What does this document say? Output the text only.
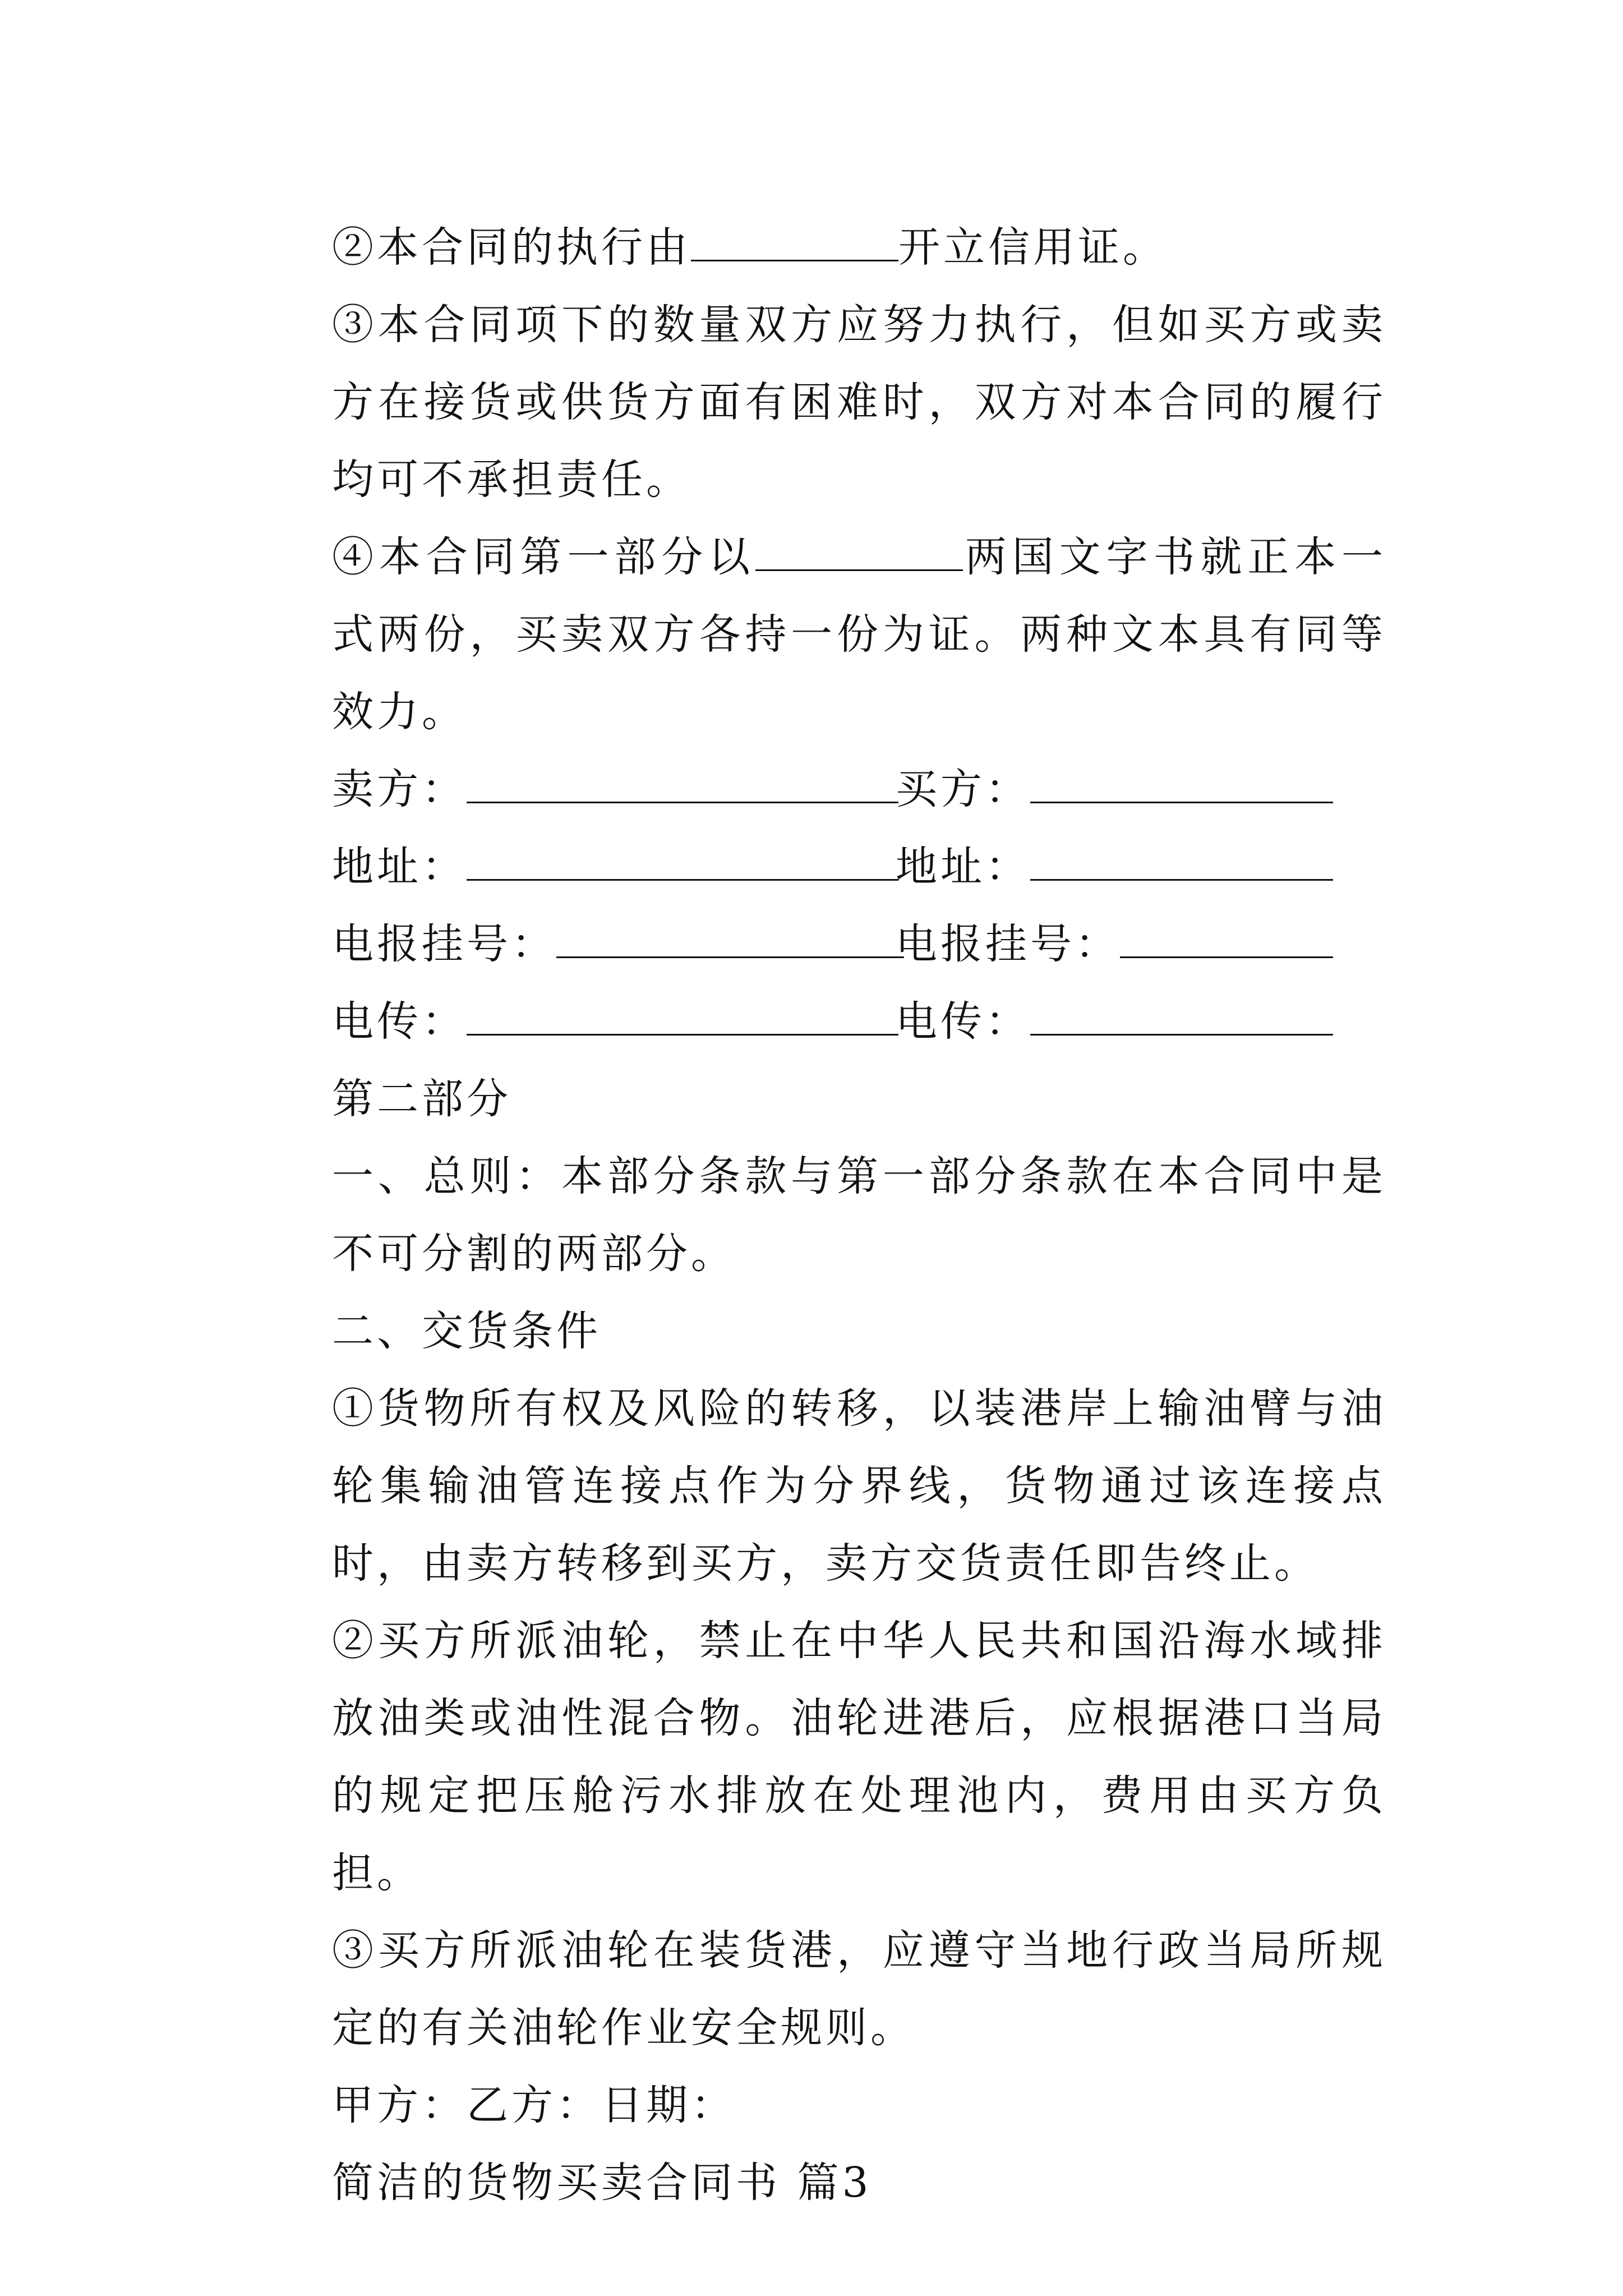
②本合同的执行由	开立信用证。

③本合同项下的数量双方应努力执行，但如买方或卖方在接货或供货方面有困难时，双方对本合同的履行均可不承担责任。

④本合同第一部分以	两国文字书就正本一式两份，买卖双方各持一份为证。两种文本具有同等效力。

卖方：	买方：
地址：	地址：
电报挂号：	电报挂号：
电传：	电传：

第二部分

一、总则：本部分条款与第一部分条款在本合同中是不可分割的两部分。

二、交货条件

①货物所有权及风险的转移，以装港岸上输油臂与油轮集输油管连接点作为分界线，货物通过该连接点时，由卖方转移到买方，卖方交货责任即告终止。

②买方所派油轮，禁止在中华人民共和国沿海水域排放油类或油性混合物。油轮进港后，应根据港口当局的规定把压舱污水排放在处理池内，费用由买方负担。

③买方所派油轮在装货港，应遵守当地行政当局所规定的有关油轮作业安全规则。

甲方：乙方：日期：

简洁的货物买卖合同书 篇3
